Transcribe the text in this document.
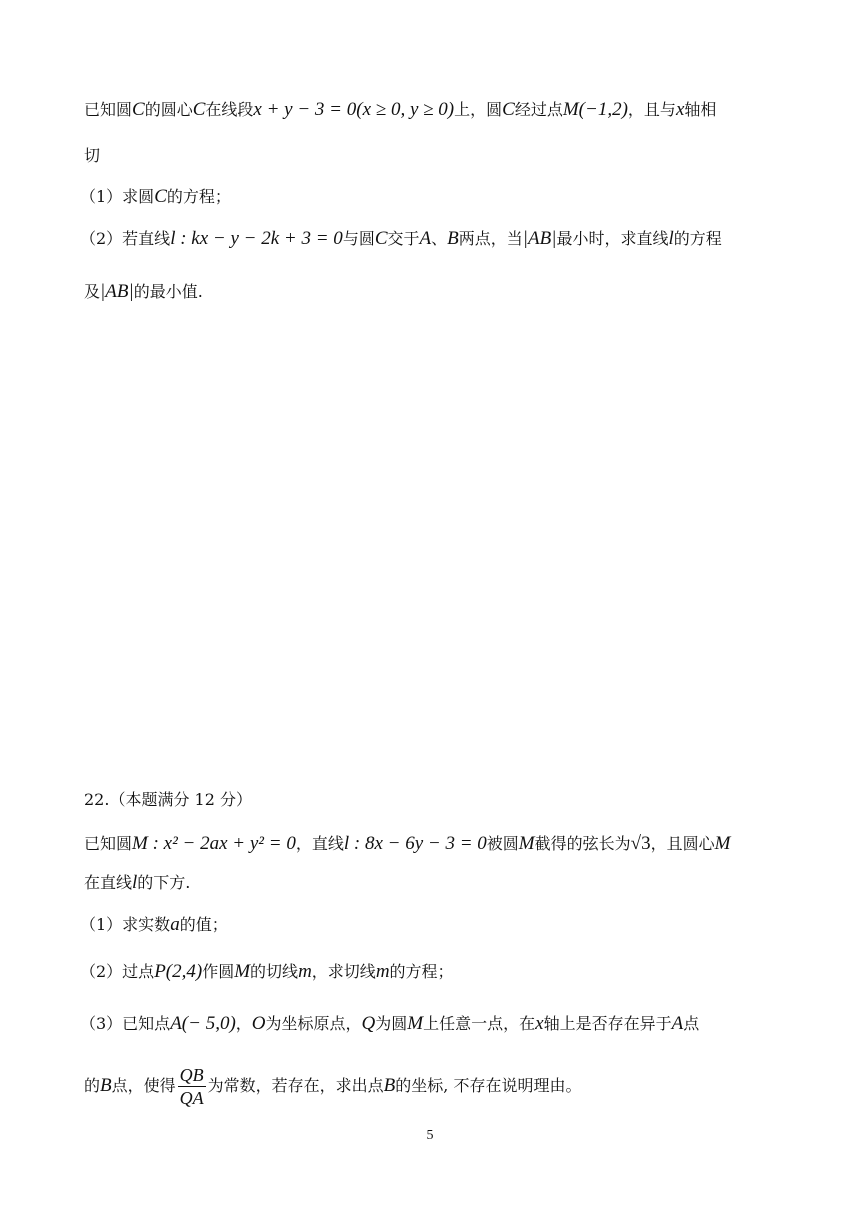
已知圆C的圆心C在线段x + y − 3 = 0(x ≥ 0, y ≥ 0)上，圆C经过点M(−1,2)，且与x轴相
切
（1）求圆C的方程；
（2）若直线l : kx − y − 2k + 3 = 0与圆C交于A、B两点，当|AB|最小时，求直线l的方程
及|AB|的最小值.
22.（本题满分 12 分）
已知圆M : x² − 2ax + y² = 0，直线l : 8x − 6y − 3 = 0被圆M截得的弦长为√3，且圆心M
在直线l的下方.
（1）求实数a的值；
（2）过点P(2,4)作圆M的切线m，求切线m的方程；
（3）已知点A(− 5,0)，O为坐标原点，Q为圆M上任意一点，在x轴上是否存在异于A点
的B点，使得 $\frac{QB}{QA}$ 为常数，若存在，求出点B的坐标, 不存在说明理由。
5
